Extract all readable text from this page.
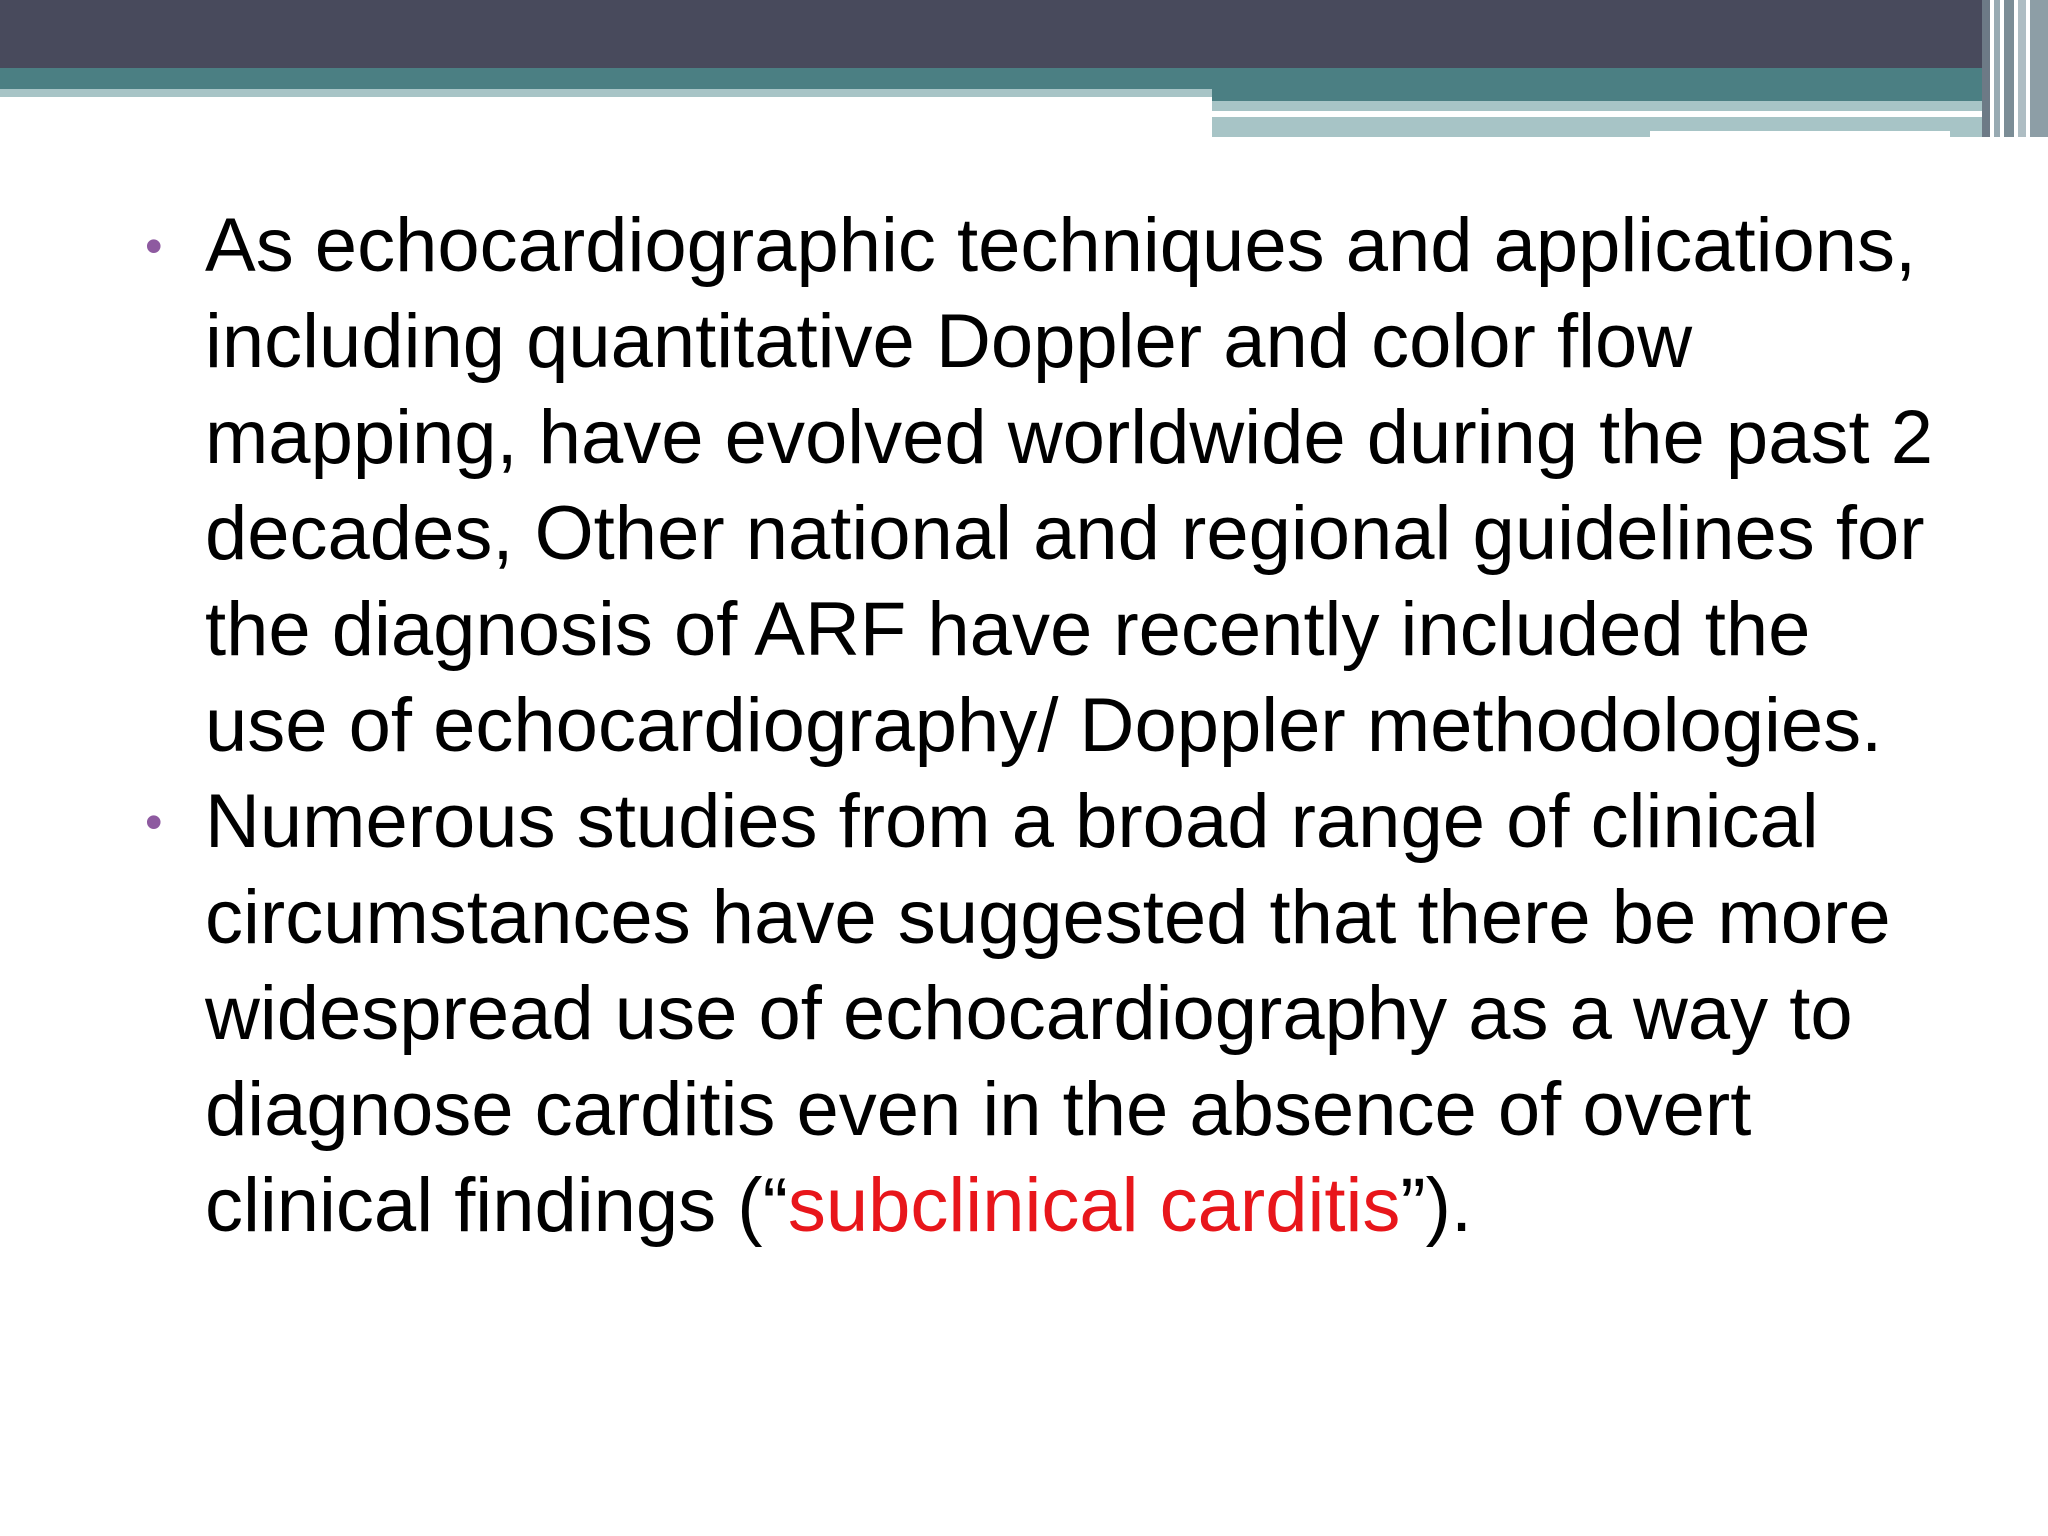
• As echocardiographic techniques and applications, including quantitative Doppler and color flow mapping, have evolved worldwide during the past 2 decades, Other national and regional guidelines for the diagnosis of ARF have recently included the use of echocardiography/ Doppler methodologies.
• Numerous studies from a broad range of clinical circumstances have suggested that there be more widespread use of echocardiography as a way to diagnose carditis even in the absence of overt clinical findings (“subclinical carditis”).
